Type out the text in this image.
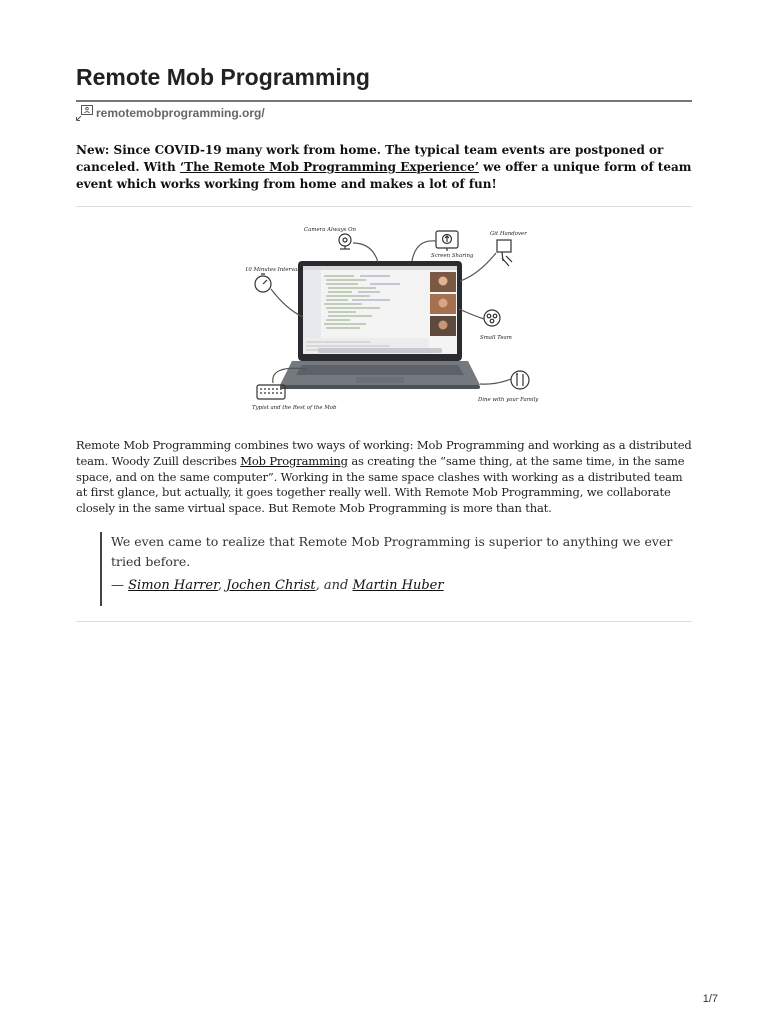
Remote Mob Programming
remotemobprogramming.org/

New: Since COVID-19 many work from home. The typical team events are postponed or canceled. With ‘The Remote Mob Programming Experience’ we offer a unique form of team event which works working from home and makes a lot of fun!

Camera Always On
Screen Sharing
Git Handover
10 Minutes Intervals
Small Team
Typist and the Rest of the Mob
Dine with your Family

Remote Mob Programming combines two ways of working: Mob Programming and working as a distributed team. Woody Zuill describes Mob Programming as creating the “same thing, at the same time, in the same space, and on the same computer”. Working in the same space clashes with working as a distributed team at first glance, but actually, it goes together really well. With Remote Mob Programming, we collaborate closely in the same virtual space. But Remote Mob Programming is more than that.

We even came to realize that Remote Mob Programming is superior to anything we ever tried before.

— Simon Harrer, Jochen Christ, and Martin Huber

1/7
